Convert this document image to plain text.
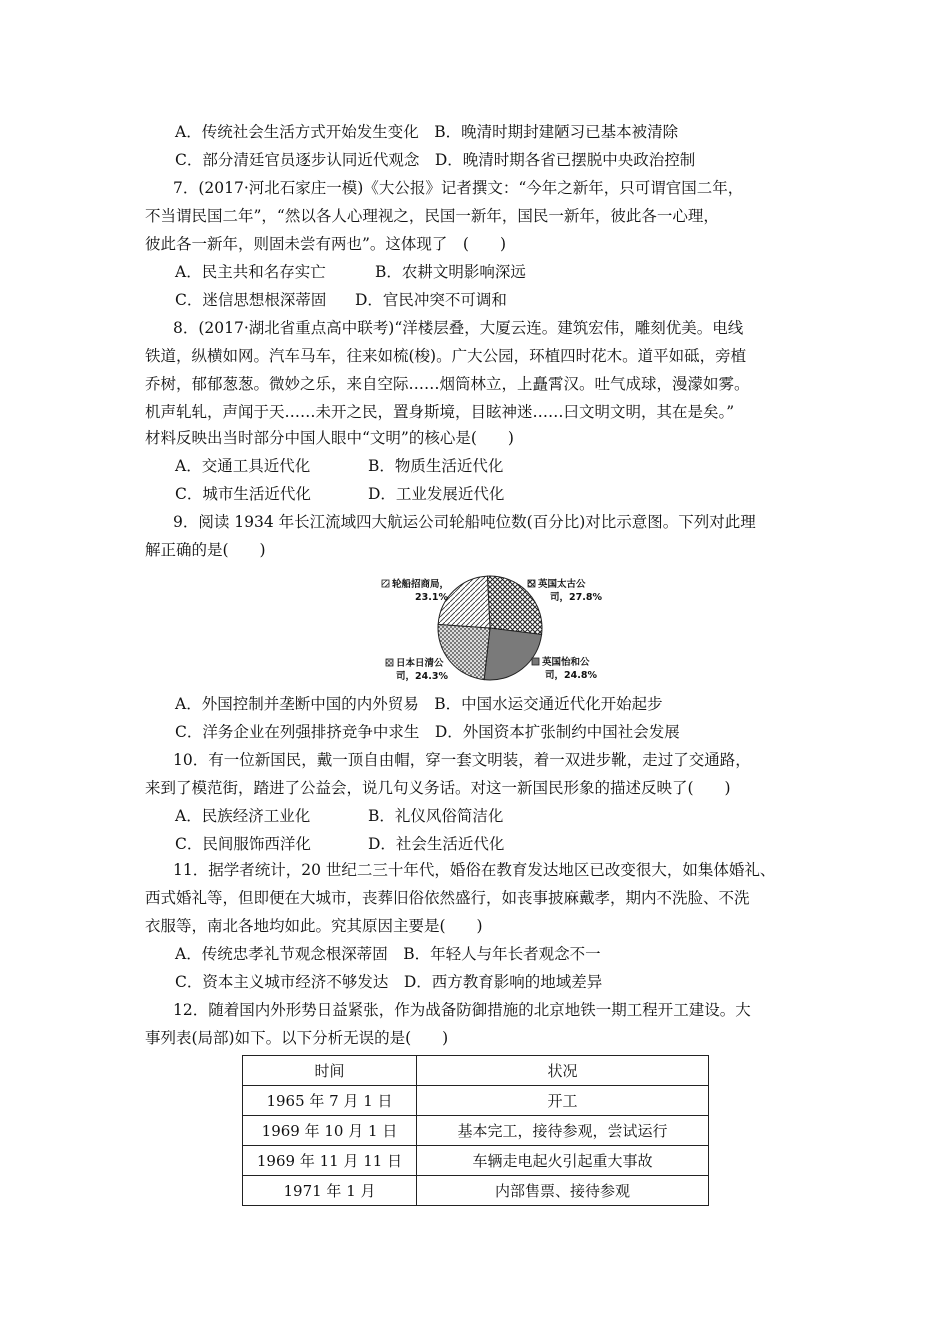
A．传统社会生活方式开始发生变化　B．晚清时期封建陋习已基本被清除
C．部分清廷官员逐步认同近代观念　D．晚清时期各省已摆脱中央政治控制
7．(2017·河北石家庄一模)《大公报》记者撰文：“今年之新年，只可谓官国二年，
不当谓民国二年”，“然以各人心理视之，民国一新年，国民一新年，彼此各一心理，
彼此各一新年，则固未尝有两也”。这体现了　(　　)
A．民主共和名存实亡	B．农耕文明影响深远
C．迷信思想根深蒂固 D．官民冲突不可调和
8．(2017·湖北省重点高中联考)“洋楼层叠，大厦云连。建筑宏伟，雕刻优美。电线
铁道，纵横如网。汽车马车，往来如梳(梭)。广大公园，环植四时花木。道平如砥，旁植
乔树，郁郁葱葱。微妙之乐，来自空际……烟筒林立，上矗霄汉。吐气成球，漫濛如雾。
机声轧轧，声闻于天……未开之民，置身斯境，目眩神迷……曰文明文明，其在是矣。”
材料反映出当时部分中国人眼中“文明”的核心是(　　)
A．交通工具近代化	B．物质生活近代化
C．城市生活近代化	D．工业发展近代化
9．阅读 1934 年长江流域四大航运公司轮船吨位数(百分比)对比示意图。下列对此理
解正确的是(　　)
轮船招商局，
23.1%
英国太古公
司，27.8%
英国怡和公
司，24.8%
日本日清公
司，24.3%
A．外国控制并垄断中国的内外贸易　B．中国水运交通近代化开始起步
C．洋务企业在列强排挤竞争中求生　D．外国资本扩张制约中国社会发展
10．有一位新国民，戴一顶自由帽，穿一套文明装，着一双进步靴，走过了交通路，
来到了模范街，踏进了公益会，说几句义务话。对这一新国民形象的描述反映了(　　)
A．民族经济工业化	B．礼仪风俗简洁化
C．民间服饰西洋化	D．社会生活近代化
11．据学者统计，20 世纪二三十年代，婚俗在教育发达地区已改变很大，如集体婚礼、
西式婚礼等，但即便在大城市，丧葬旧俗依然盛行，如丧事披麻戴孝，期内不洗脸、不洗
衣服等，南北各地均如此。究其原因主要是(　　)
A．传统忠孝礼节观念根深蒂固　B．年轻人与年长者观念不一
C．资本主义城市经济不够发达　D．西方教育影响的地域差异
12．随着国内外形势日益紧张，作为战备防御措施的北京地铁一期工程开工建设。大
事列表(局部)如下。以下分析无误的是(　　)
时间	状况
1965 年 7 月 1 日	开工
1969 年 10 月 1 日	基本完工，接待参观，尝试运行
1969 年 11 月 11 日	车辆走电起火引起重大事故
1971 年 1 月	内部售票、接待参观
